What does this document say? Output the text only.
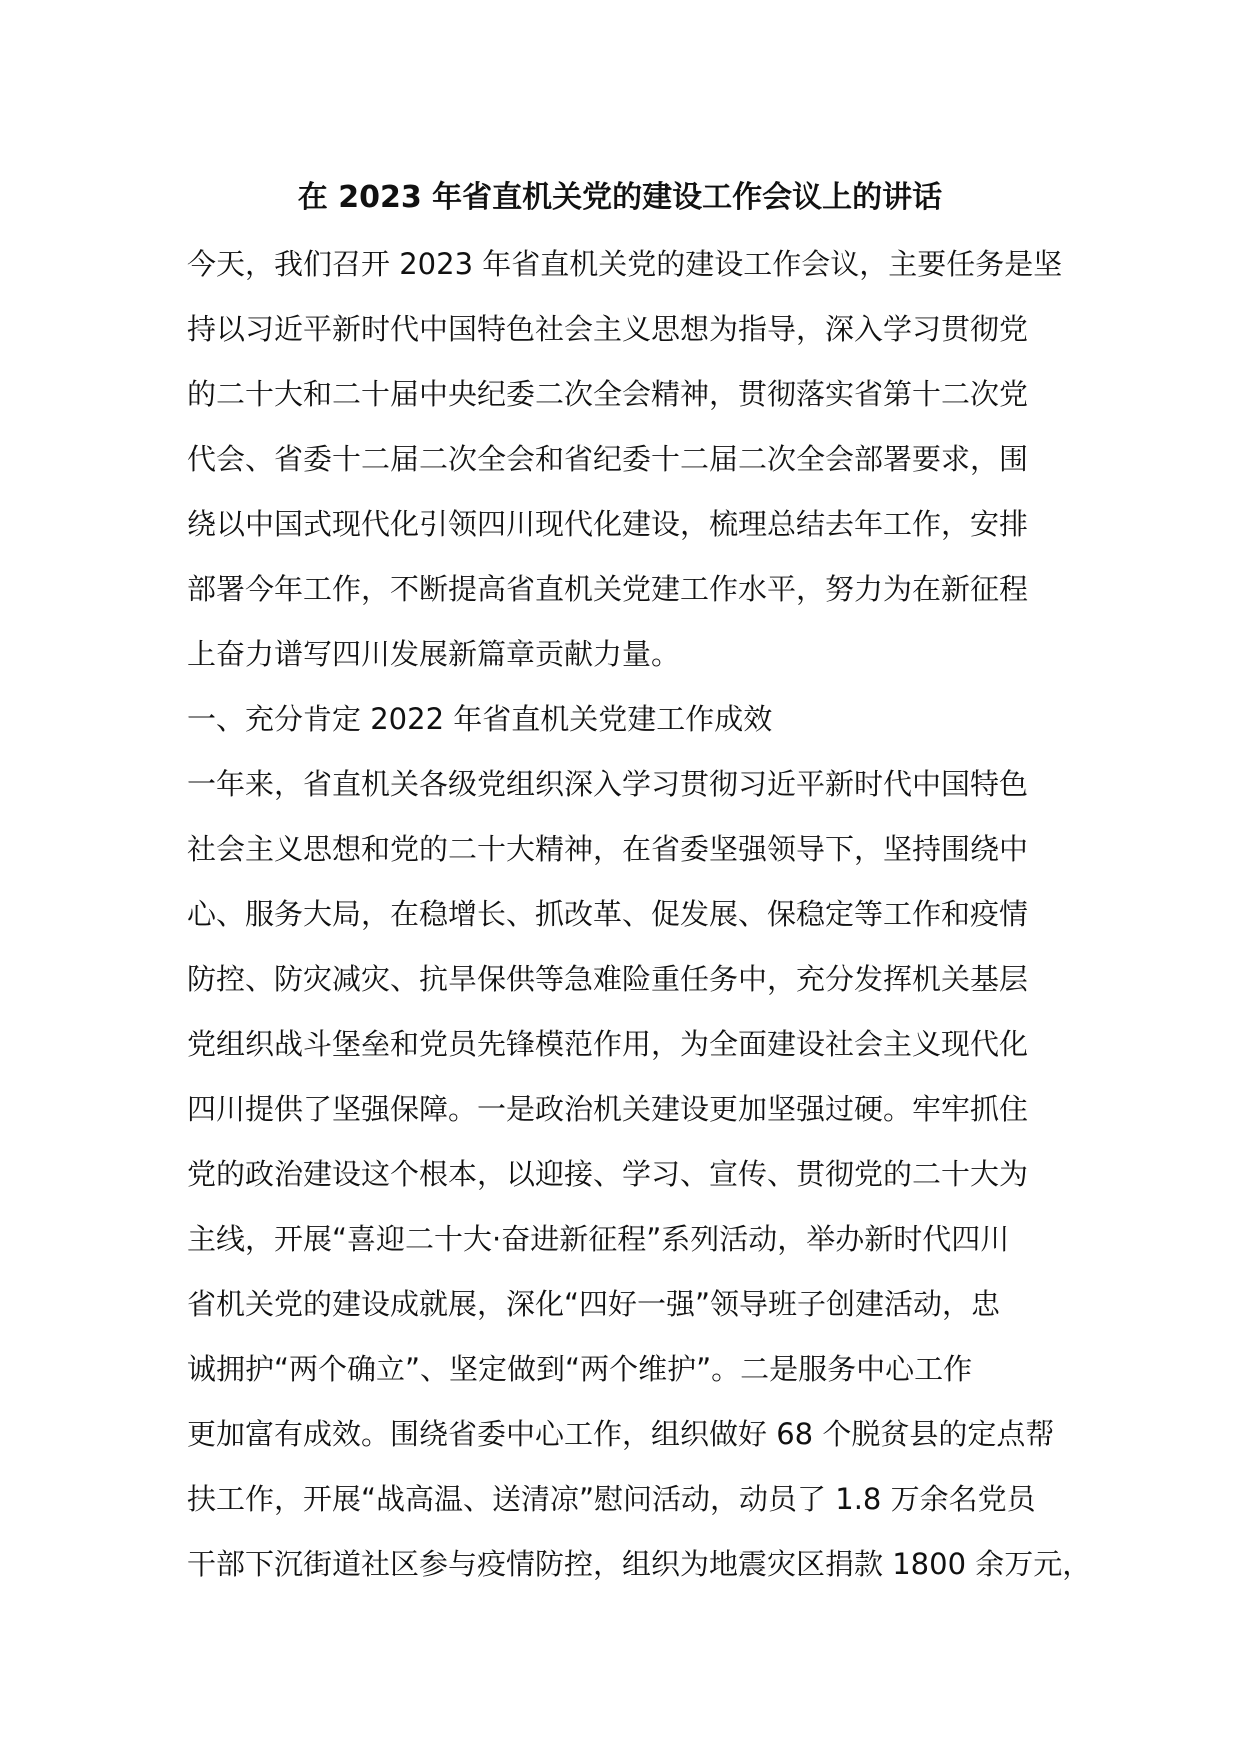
在 2023 年省直机关党的建设工作会议上的讲话
今天，我们召开 2023 年省直机关党的建设工作会议，主要任务是坚
持以习近平新时代中国特色社会主义思想为指导，深入学习贯彻党
的二十大和二十届中央纪委二次全会精神，贯彻落实省第十二次党
代会、省委十二届二次全会和省纪委十二届二次全会部署要求，围
绕以中国式现代化引领四川现代化建设，梳理总结去年工作，安排
部署今年工作，不断提高省直机关党建工作水平，努力为在新征程
上奋力谱写四川发展新篇章贡献力量。
一、充分肯定 2022 年省直机关党建工作成效
一年来，省直机关各级党组织深入学习贯彻习近平新时代中国特色
社会主义思想和党的二十大精神，在省委坚强领导下，坚持围绕中
心、服务大局，在稳增长、抓改革、促发展、保稳定等工作和疫情
防控、防灾减灾、抗旱保供等急难险重任务中，充分发挥机关基层
党组织战斗堡垒和党员先锋模范作用，为全面建设社会主义现代化
四川提供了坚强保障。一是政治机关建设更加坚强过硬。牢牢抓住
党的政治建设这个根本，以迎接、学习、宣传、贯彻党的二十大为
主线，开展“喜迎二十大·奋进新征程”系列活动，举办新时代四川
省机关党的建设成就展，深化“四好一强”领导班子创建活动，忠
诚拥护“两个确立”、坚定做到“两个维护”。二是服务中心工作
更加富有成效。围绕省委中心工作，组织做好 68 个脱贫县的定点帮
扶工作，开展“战高温、送清凉”慰问活动，动员了 1.8 万余名党员
干部下沉街道社区参与疫情防控，组织为地震灾区捐款 1800 余万元，
